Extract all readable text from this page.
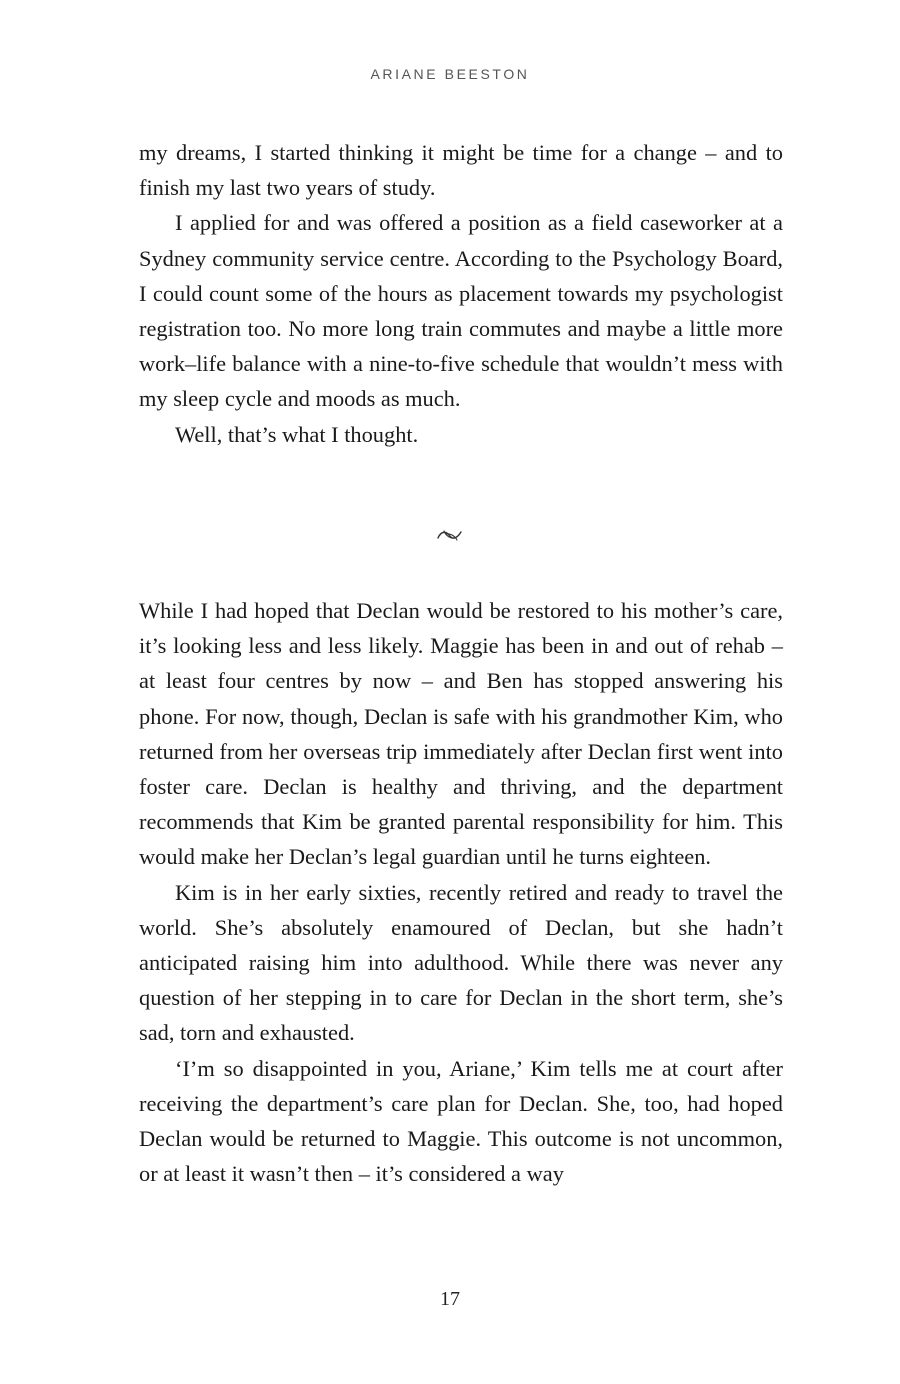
ARIANE BEESTON

my dreams, I started thinking it might be time for a change – and to finish my last two years of study.

I applied for and was offered a position as a field caseworker at a Sydney community service centre. According to the Psychology Board, I could count some of the hours as placement towards my psychologist registration too. No more long train commutes and maybe a little more work–life balance with a nine-to-five schedule that wouldn’t mess with my sleep cycle and moods as much.

Well, that’s what I thought.

While I had hoped that Declan would be restored to his mother’s care, it’s looking less and less likely. Maggie has been in and out of rehab – at least four centres by now – and Ben has stopped answering his phone. For now, though, Declan is safe with his grandmother Kim, who returned from her overseas trip immediately after Declan first went into foster care. Declan is healthy and thriving, and the department recommends that Kim be granted parental responsibility for him. This would make her Declan’s legal guardian until he turns eighteen.

Kim is in her early sixties, recently retired and ready to travel the world. She’s absolutely enamoured of Declan, but she hadn’t anticipated raising him into adulthood. While there was never any question of her stepping in to care for Declan in the short term, she’s sad, torn and exhausted.

‘I’m so disappointed in you, Ariane,’ Kim tells me at court after receiving the department’s care plan for Declan. She, too, had hoped Declan would be returned to Maggie. This outcome is not uncommon, or at least it wasn’t then – it’s considered a way

17
